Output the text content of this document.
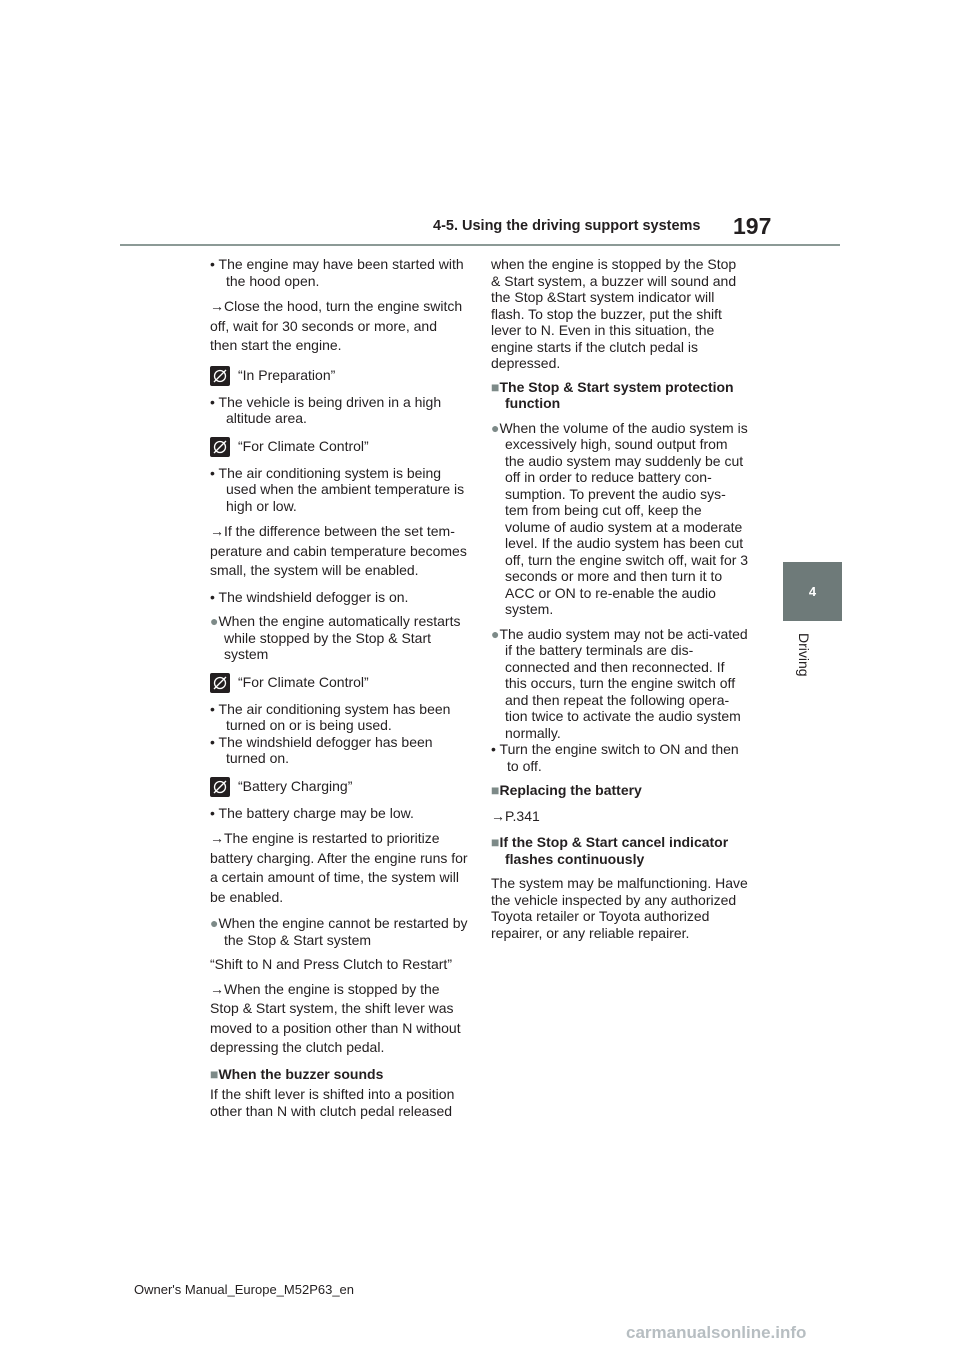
4-5. Using the driving support systems 197
4
Driving

• The engine may have been started with the hood open.

→Close the hood, turn the engine switch off, wait for 30 seconds or more, and then start the engine.

“In Preparation”

• The vehicle is being driven in a high altitude area.

“For Climate Control”

• The air conditioning system is being used when the ambient temperature is high or low.

→If the difference between the set tem-perature and cabin temperature becomes small, the system will be enabled.

• The windshield defogger is on.

●When the engine automatically restarts while stopped by the Stop & Start system

“For Climate Control”

• The air conditioning system has been turned on or is being used.

• The windshield defogger has been turned on.

“Battery Charging”

• The battery charge may be low.

→The engine is restarted to prioritize battery charging. After the engine runs for a certain amount of time, the system will be enabled.

●When the engine cannot be restarted by the Stop & Start system

“Shift to N and Press Clutch to Restart”

→When the engine is stopped by the Stop & Start system, the shift lever was moved to a position other than N without depressing the clutch pedal.

■When the buzzer sounds

If the shift lever is shifted into a position other than N with clutch pedal released

when the engine is stopped by the Stop & Start system, a buzzer will sound and the Stop &Start system indicator will flash. To stop the buzzer, put the shift lever to N. Even in this situation, the engine starts if the clutch pedal is depressed.

■The Stop & Start system protection function

●When the volume of the audio system is excessively high, sound output from the audio system may suddenly be cut off in order to reduce battery con-sumption. To prevent the audio sys-tem from being cut off, keep the volume of audio system at a moderate level. If the audio system has been cut off, turn the engine switch off, wait for 3 seconds or more and then turn it to ACC or ON to re-enable the audio system.

●The audio system may not be acti-vated if the battery terminals are dis-connected and then reconnected. If this occurs, turn the engine switch off and then repeat the following opera-tion twice to activate the audio system normally.

• Turn the engine switch to ON and then to off.

■Replacing the battery

→P.341

■If the Stop & Start cancel indicator flashes continuously

The system may be malfunctioning. Have the vehicle inspected by any authorized Toyota retailer or Toyota authorized repairer, or any reliable repairer.

Owner's Manual_Europe_M52P63_en
carmanualsonline.info
